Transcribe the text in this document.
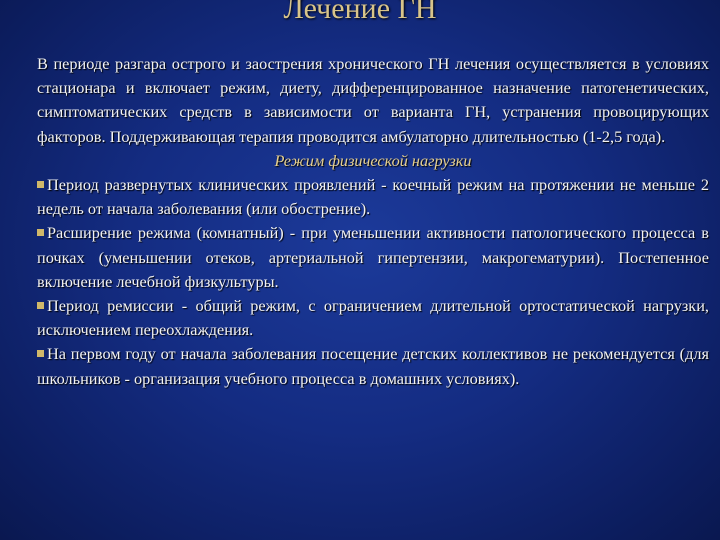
Лечение ГН

В периоде разгара острого и заострения хронического ГН лечения осуществляется в условиях стационара и включает режим, диету, дифференцированное назначение патогенетических, симптоматических средств в зависимости от варианта ГН, устранения провоцирующих факторов. Поддерживающая терапия проводится амбулаторно длительностью (1-2,5 года).

Режим физической нагрузки

Период развернутых клинических проявлений - коечный режим на протяжении не меньше 2 недель от начала заболевания (или обострение).

Расширение режима (комнатный) - при уменьшении активности патологического процесса в почках (уменьшении отеков, артериальной гипертензии, макрогематурии). Постепенное включение лечебной физкультуры.

Период ремиссии - общий режим, с ограничением длительной ортостатической нагрузки, исключением переохлаждения.

На первом году от начала заболевания посещение детских коллективов не рекомендуется (для школьников - организация учебного процесса в домашних условиях).
